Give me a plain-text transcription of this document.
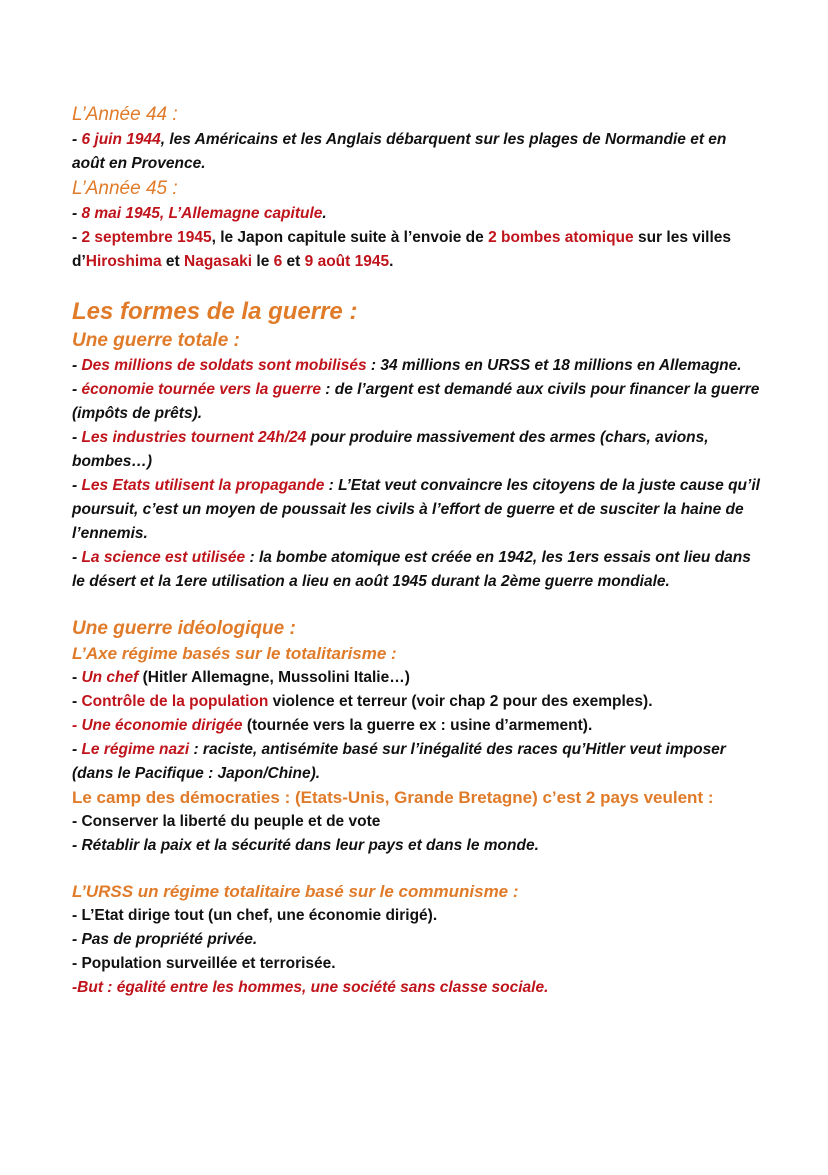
L’Année 44 :

- 6 juin 1944, les Américains et les Anglais débarquent sur les plages de Normandie et en août en Provence.

L’Année 45 :

- 8 mai 1945, L’Allemagne capitule.

- 2 septembre 1945, le Japon capitule suite à l’envoie de 2 bombes atomique sur les villes d’Hiroshima et Nagasaki le 6 et 9 août 1945.

Les formes de la guerre :
Une guerre totale :

- Des millions de soldats sont mobilisés : 34 millions en URSS et 18 millions en Allemagne.

- économie tournée vers la guerre : de l’argent est demandé aux civils pour financer la guerre (impôts de prêts).

- Les industries tournent 24h/24 pour produire massivement des armes (chars, avions, bombes…)

- Les Etats utilisent la propagande : L’Etat veut convaincre les citoyens de la juste cause qu’il poursuit, c’est un moyen de poussait les civils à l’effort de guerre et de susciter la haine de l’ennemis.

- La science est utilisée : la bombe atomique est créée en 1942, les 1ers essais ont lieu dans le désert et la 1ere utilisation a lieu en août 1945 durant la 2ème guerre mondiale.

Une guerre idéologique :
L’Axe régime basés sur le totalitarisme :

- Un chef (Hitler Allemagne, Mussolini Italie…)

- Contrôle de la population violence et terreur (voir chap 2 pour des exemples).

- Une économie dirigée (tournée vers la guerre ex : usine d’armement).

- Le régime nazi : raciste, antisémite basé sur l’inégalité des races qu’Hitler veut imposer (dans le Pacifique : Japon/Chine).

Le camp des démocraties : (Etats-Unis, Grande Bretagne) c’est 2 pays veulent :

- Conserver la liberté du peuple et de vote

- Rétablir la paix et la sécurité dans leur pays et dans le monde.

L’URSS un régime totalitaire basé sur le communisme :

- L’Etat dirige tout (un chef, une économie dirigé).

- Pas de propriété privée.

- Population surveillée et terrorisée.

-But : égalité entre les hommes, une société sans classe sociale.
